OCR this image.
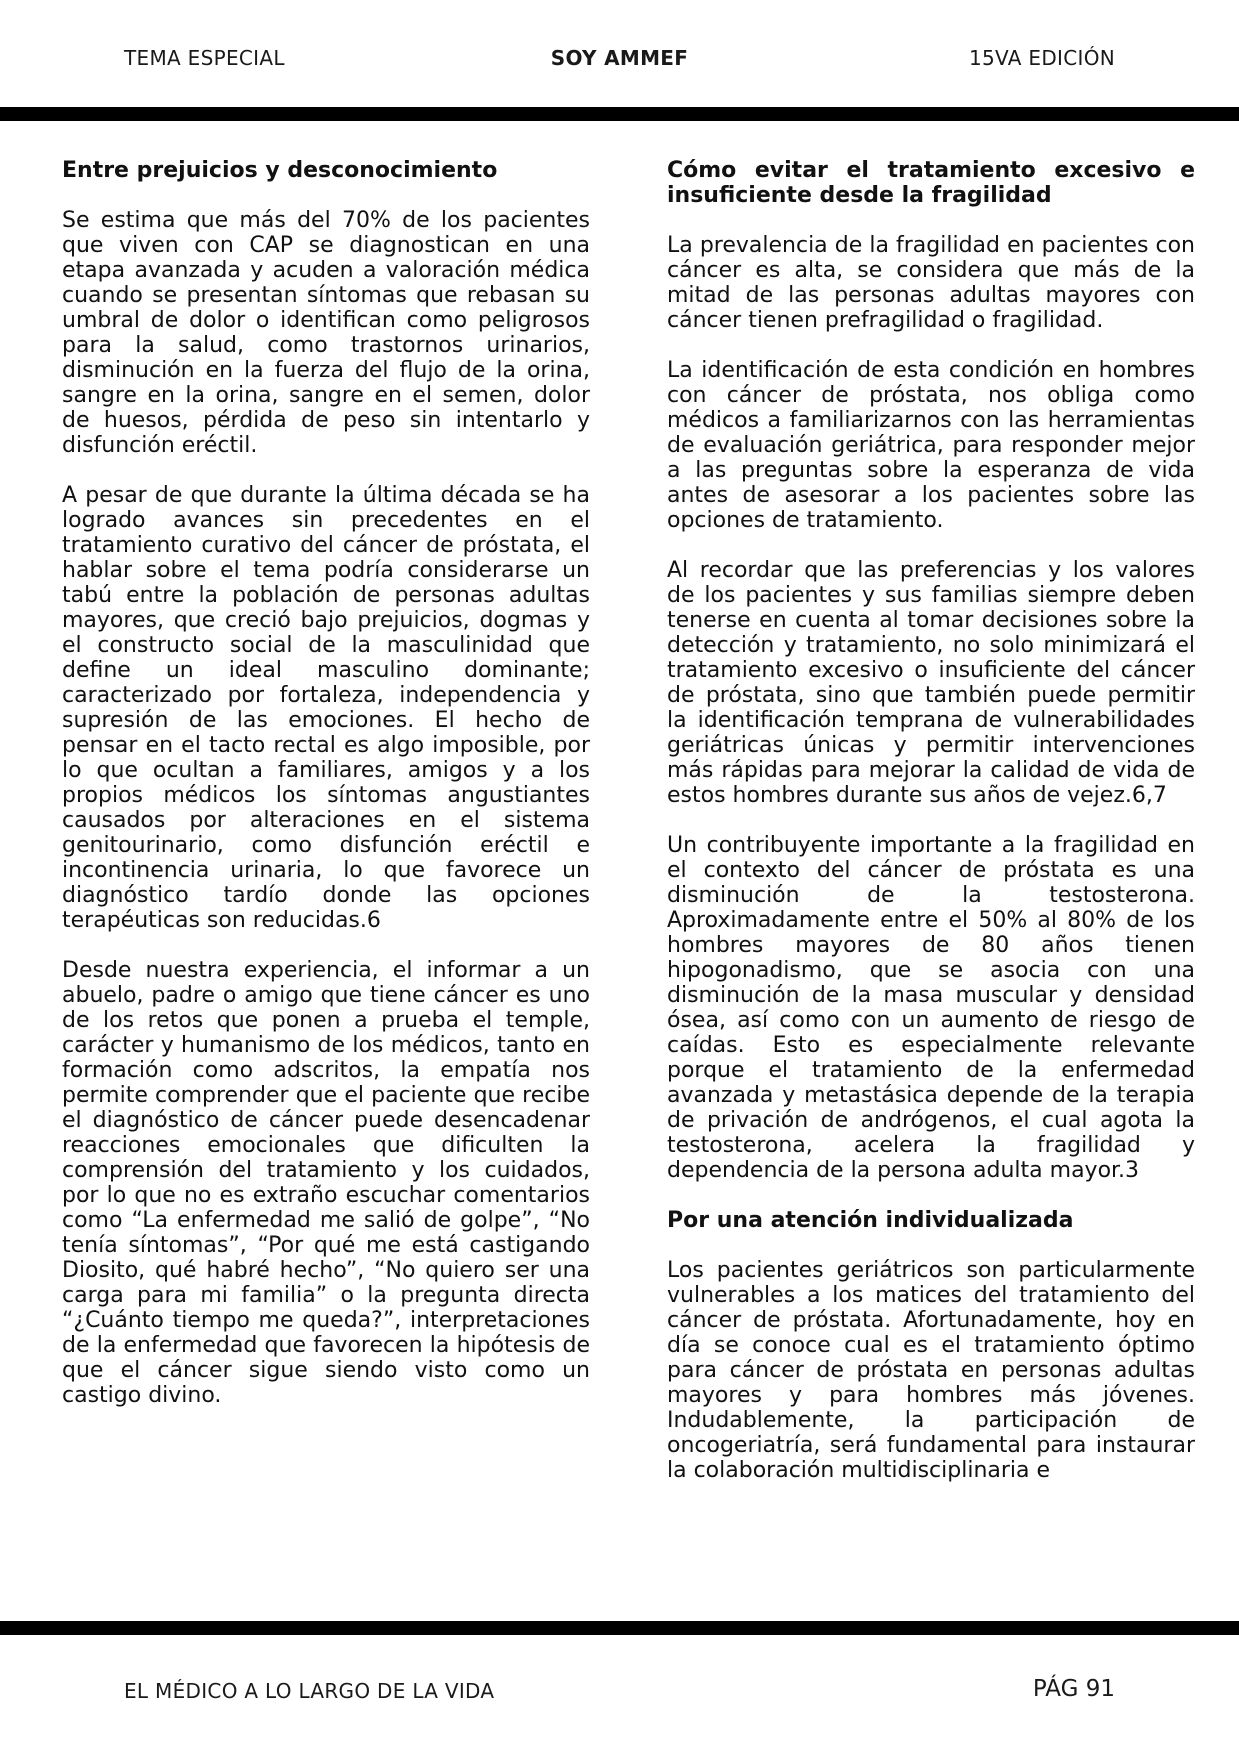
SOY AMMEF
TEMA ESPECIAL	15VA EDICIÓN
Entre prejuicios y desconocimiento

Se estima que más del 70% de los pacientes que viven con CAP se diagnostican en una etapa avanzada y acuden a valoración médica cuando se presentan síntomas que rebasan su umbral de dolor o identifican como peligrosos para la salud, como trastornos urinarios, disminución en la fuerza del flujo de la orina, sangre en la orina, sangre en el semen, dolor de huesos, pérdida de peso sin intentarlo y disfunción eréctil.

A pesar de que durante la última década se ha logrado avances sin precedentes en el tratamiento curativo del cáncer de próstata, el hablar sobre el tema podría considerarse un tabú entre la población de personas adultas mayores, que creció bajo prejuicios, dogmas y el constructo social de la masculinidad que define un ideal masculino dominante; caracterizado por fortaleza, independencia y supresión de las emociones. El hecho de pensar en el tacto rectal es algo imposible, por lo que ocultan a familiares, amigos y a los propios médicos los síntomas angustiantes causados por alteraciones en el sistema genitourinario, como disfunción eréctil e incontinencia urinaria, lo que favorece un diagnóstico tardío donde las opciones terapéuticas son reducidas.6

Desde nuestra experiencia, el informar a un abuelo, padre o amigo que tiene cáncer es uno de los retos que ponen a prueba el temple, carácter y humanismo de los médicos, tanto en formación como adscritos, la empatía nos permite comprender que el paciente que recibe el diagnóstico de cáncer puede desencadenar reacciones emocionales que dificulten la comprensión del tratamiento y los cuidados, por lo que no es extraño escuchar comentarios como “La enfermedad me salió de golpe”, “No tenía síntomas”, “Por qué me está castigando Diosito, qué habré hecho”, “No quiero ser una carga para mi familia” o la pregunta directa “¿Cuánto tiempo me queda?”, interpretaciones de la enfermedad que favorecen la hipótesis de que el cáncer sigue siendo visto como un castigo divino.

Cómo evitar el tratamiento excesivo e insuficiente desde la fragilidad

La prevalencia de la fragilidad en pacientes con cáncer es alta, se considera que más de la mitad de las personas adultas mayores con cáncer tienen prefragilidad o fragilidad.

La identificación de esta condición en hombres con cáncer de próstata, nos obliga como médicos a familiarizarnos con las herramientas de evaluación geriátrica, para responder mejor a las preguntas sobre la esperanza de vida antes de asesorar a los pacientes sobre las opciones de tratamiento.

Al recordar que las preferencias y los valores de los pacientes y sus familias siempre deben tenerse en cuenta al tomar decisiones sobre la detección y tratamiento, no solo minimizará el tratamiento excesivo o insuficiente del cáncer de próstata, sino que también puede permitir la identificación temprana de vulnerabilidades geriátricas únicas y permitir intervenciones más rápidas para mejorar la calidad de vida de estos hombres durante sus años de vejez.6,7

Un contribuyente importante a la fragilidad en el contexto del cáncer de próstata es una disminución de la testosterona. Aproximadamente entre el 50% al 80% de los hombres mayores de 80 años tienen hipogonadismo, que se asocia con una disminución de la masa muscular y densidad ósea, así como con un aumento de riesgo de caídas. Esto es especialmente relevante porque el tratamiento de la enfermedad avanzada y metastásica depende de la terapia de privación de andrógenos, el cual agota la testosterona, acelera la fragilidad y dependencia de la persona adulta mayor.3

Por una atención individualizada

Los pacientes geriátricos son particularmente vulnerables a los matices del tratamiento del cáncer de próstata. Afortunadamente, hoy en día se conoce cual es el tratamiento óptimo para cáncer de próstata en personas adultas mayores y para hombres más jóvenes. Indudablemente, la participación de oncogeriatría, será fundamental para instaurar la colaboración multidisciplinaria e

EL MÉDICO A LO LARGO DE LA VIDA	PÁG 91
